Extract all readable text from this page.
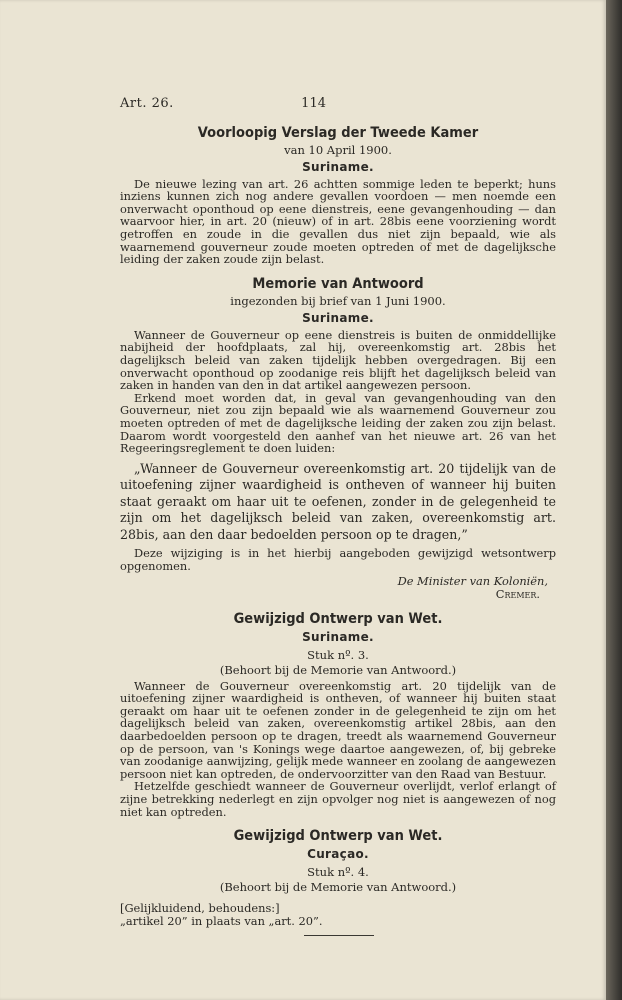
Art. 26.	114
Voorloopig Verslag der Tweede Kamer
van 10 April 1900.
Suriname.

De nieuwe lezing van art. 26 achtten sommige leden te beperkt; huns inziens kunnen zich nog andere gevallen voordoen — men noemde een onverwacht oponthoud op eene dienstreis, eene gevangenhouding — dan waarvoor hier, in art. 20 (nieuw) of in art. 28bis eene voorziening wordt getroffen en zoude in die gevallen dus niet zijn bepaald, wie als waarnemend gouverneur zoude moeten optreden of met de dagelijksche leiding der zaken zoude zijn belast.

Memorie van Antwoord
ingezonden bij brief van 1 Juni 1900.
Suriname.

Wanneer de Gouverneur op eene dienstreis is buiten de onmiddellijke nabijheid der hoofdplaats, zal hij, overeenkomstig art. 28bis het dagelijksch beleid van zaken tijdelijk hebben overgedragen. Bij een onverwacht oponthoud op zoodanige reis blijft het dagelijksch beleid van zaken in handen van den in dat artikel aangewezen persoon.

Erkend moet worden dat, in geval van gevangenhouding van den Gouverneur, niet zou zijn bepaald wie als waarnemend Gouverneur zou moeten optreden of met de dagelijksche leiding der zaken zou zijn belast. Daarom wordt voorgesteld den aanhef van het nieuwe art. 26 van het Regeeringsreglement te doen luiden:

„Wanneer de Gouverneur overeenkomstig art. 20 tijdelijk van de uitoefening zijner waardigheid is ontheven of wanneer hij buiten staat geraakt om haar uit te oefenen, zonder in de gelegenheid te zijn om het dagelijksch beleid van zaken, overeenkomstig art. 28bis, aan den daar bedoelden persoon op te dragen,”

Deze wijziging is in het hierbij aangeboden gewijzigd wetsontwerp opgenomen.

De Minister van Koloniën,
Cremer.
Gewijzigd Ontwerp van Wet.
Suriname.
Stuk nº. 3.
(Behoort bij de Memorie van Antwoord.)

Wanneer de Gouverneur overeenkomstig art. 20 tijdelijk van de uitoefening zijner waardigheid is ontheven, of wanneer hij buiten staat geraakt om haar uit te oefenen zonder in de gelegenheid te zijn om het dagelijksch beleid van zaken, overeenkomstig artikel 28bis, aan den daarbedoelden persoon op te dragen, treedt als waarnemend Gouverneur op de persoon, van 's Konings wege daartoe aangewezen, of, bij gebreke van zoodanige aanwijzing, gelijk mede wanneer en zoolang de aangewezen persoon niet kan optreden, de ondervoorzitter van den Raad van Bestuur.

Hetzelfde geschiedt wanneer de Gouverneur overlijdt, verlof erlangt of zijne betrekking nederlegt en zijn opvolger nog niet is aangewezen of nog niet kan optreden.

Gewijzigd Ontwerp van Wet.
Curaçao.
Stuk nº. 4.
(Behoort bij de Memorie van Antwoord.)

[Gelijkluidend, behoudens:]

„artikel 20” in plaats van „art. 20”.
